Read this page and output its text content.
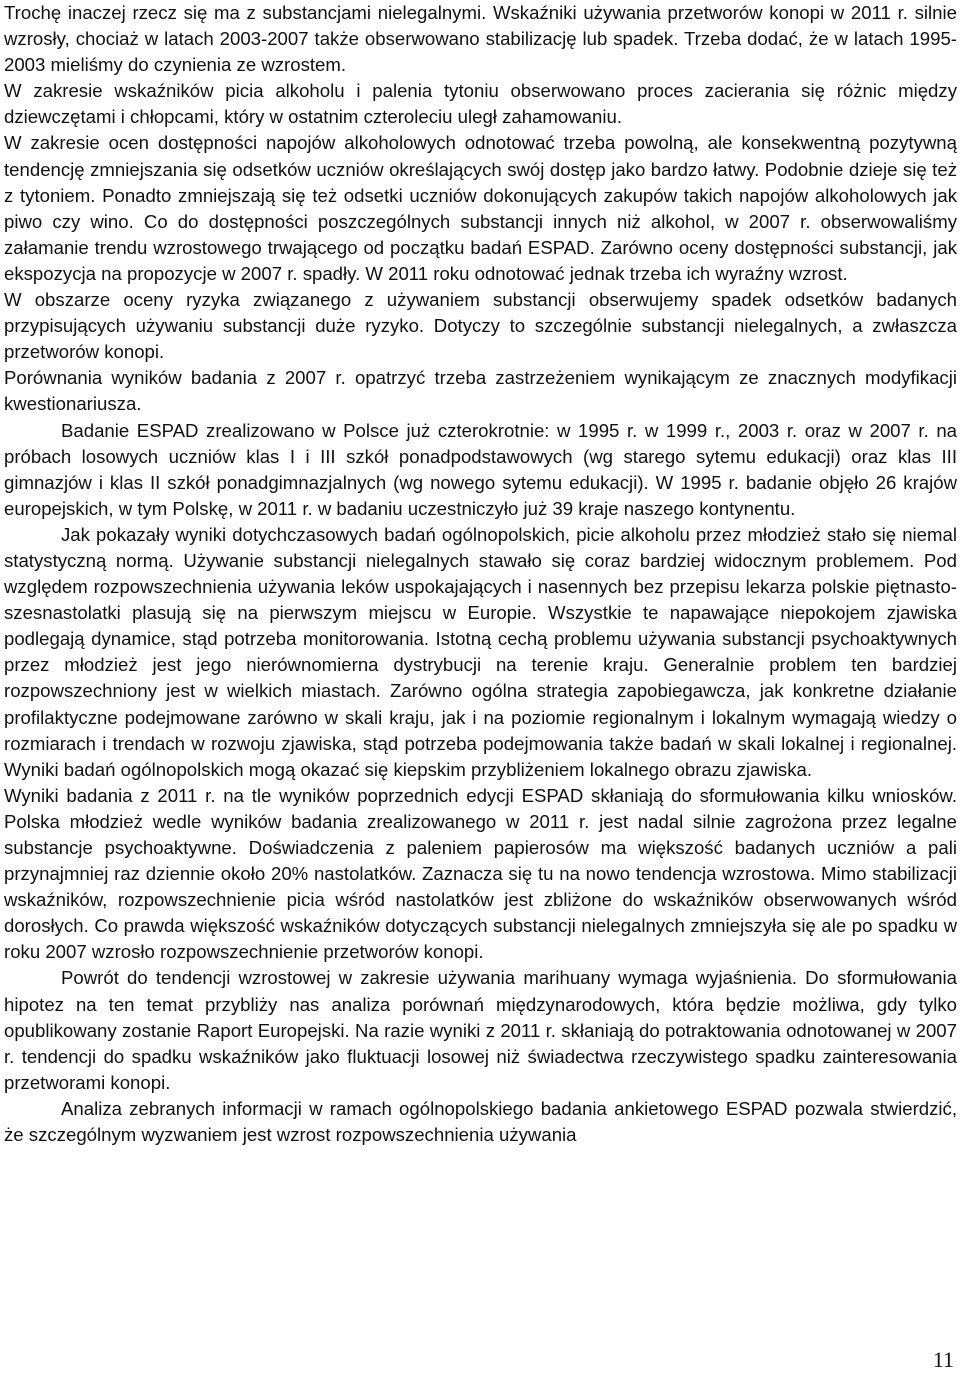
Trochę inaczej rzecz się ma z substancjami nielegalnymi. Wskaźniki używania przetworów konopi w 2011 r. silnie wzrosły, chociaż w latach 2003-2007 także obserwowano stabilizację lub spadek. Trzeba dodać, że w latach 1995-2003 mieliśmy do czynienia ze wzrostem.

W zakresie wskaźników picia alkoholu i palenia tytoniu obserwowano proces zacierania się różnic między dziewczętami i chłopcami, który w ostatnim czteroleciu uległ zahamowaniu.

W zakresie ocen dostępności napojów alkoholowych odnotować trzeba powolną, ale konsekwentną pozytywną tendencję zmniejszania się odsetków uczniów określających swój dostęp jako bardzo łatwy. Podobnie dzieje się też z tytoniem. Ponadto zmniejszają się też odsetki uczniów dokonujących zakupów takich napojów alkoholowych jak piwo czy wino. Co do dostępności poszczególnych substancji innych niż alkohol, w 2007 r. obserwowaliśmy załamanie trendu wzrostowego trwającego od początku badań ESPAD. Zarówno oceny dostępności substancji, jak ekspozycja na propozycje w 2007 r. spadły. W 2011 roku odnotować jednak trzeba ich wyraźny wzrost.

W obszarze oceny ryzyka związanego z używaniem substancji obserwujemy spadek odsetków badanych przypisujących używaniu substancji duże ryzyko. Dotyczy to szczególnie substancji nielegalnych, a zwłaszcza przetworów konopi.

Porównania wyników badania z 2007 r. opatrzyć trzeba zastrzeżeniem wynikającym ze znacznych modyfikacji kwestionariusza.

Badanie ESPAD zrealizowano w Polsce już czterokrotnie: w 1995 r. w 1999 r., 2003 r. oraz w 2007 r. na próbach losowych uczniów klas I i III szkół ponadpodstawowych (wg starego sytemu edukacji) oraz klas III gimnazjów i klas II szkół ponadgimnazjalnych (wg nowego sytemu edukacji). W 1995 r. badanie objęło 26 krajów europejskich, w tym Polskę, w 2011 r. w badaniu uczestniczyło już 39 kraje naszego kontynentu.

Jak pokazały wyniki dotychczasowych badań ogólnopolskich, picie alkoholu przez młodzież stało się niemal statystyczną normą. Używanie substancji nielegalnych stawało się coraz bardziej widocznym problemem. Pod względem rozpowszechnienia używania leków uspokajających i nasennych bez przepisu lekarza polskie piętnasto-szesnastolatki plasują się na pierwszym miejscu w Europie. Wszystkie te napawające niepokojem zjawiska podlegają dynamice, stąd potrzeba monitorowania. Istotną cechą problemu używania substancji psychoaktywnych przez młodzież jest jego nierównomierna dystrybucji na terenie kraju. Generalnie problem ten bardziej rozpowszechniony jest w wielkich miastach. Zarówno ogólna strategia zapobiegawcza, jak konkretne działanie profilaktyczne podejmowane zarówno w skali kraju, jak i na poziomie regionalnym i lokalnym wymagają wiedzy o rozmiarach i trendach w rozwoju zjawiska, stąd potrzeba podejmowania także badań w skali lokalnej i regionalnej. Wyniki badań ogólnopolskich mogą okazać się kiepskim przybliżeniem lokalnego obrazu zjawiska.

Wyniki badania z 2011 r. na tle wyników poprzednich edycji ESPAD skłaniają do sformułowania kilku wniosków. Polska młodzież wedle wyników badania zrealizowanego w 2011 r. jest nadal silnie zagrożona przez legalne substancje psychoaktywne. Doświadczenia z paleniem papierosów ma większość badanych uczniów a pali przynajmniej raz dziennie około 20% nastolatków. Zaznacza się tu na nowo tendencja wzrostowa. Mimo stabilizacji wskaźników, rozpowszechnienie picia wśród nastolatków jest zbliżone do wskaźników obserwowanych wśród dorosłych. Co prawda większość wskaźników dotyczących substancji nielegalnych zmniejszyła się ale po spadku w roku 2007 wzrosło rozpowszechnienie przetworów konopi.

Powrót do tendencji wzrostowej w zakresie używania marihuany wymaga wyjaśnienia. Do sformułowania hipotez na ten temat przybliży nas analiza porównań międzynarodowych, która będzie możliwa, gdy tylko opublikowany zostanie Raport Europejski. Na razie wyniki z 2011 r. skłaniają do potraktowania odnotowanej w 2007 r. tendencji do spadku wskaźników jako fluktuacji losowej niż świadectwa rzeczywistego spadku zainteresowania przetworami konopi.

Analiza zebranych informacji w ramach ogólnopolskiego badania ankietowego ESPAD pozwala stwierdzić, że szczególnym wyzwaniem jest wzrost rozpowszechnienia używania

11
